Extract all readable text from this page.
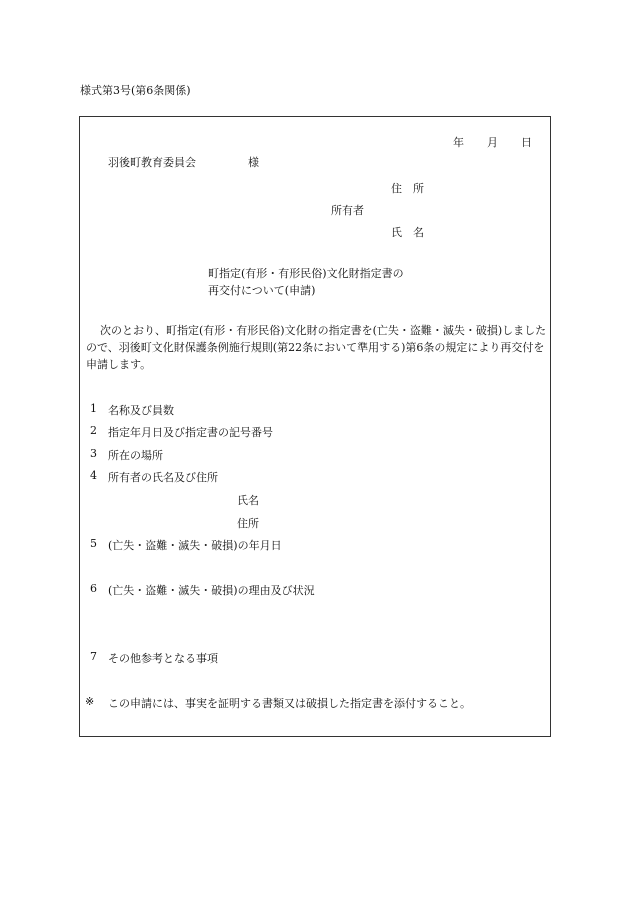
様式第3号(第6条関係)
年 月 日
羽後町教育委員会	様
住　所
所有者
氏　名
町指定(有形・有形民俗)文化財指定書の
再交付について(申請)
次のとおり、町指定(有形・有形民俗)文化財の指定書を(亡失・盗難・滅失・破損)しましたので、羽後町文化財保護条例施行規則(第22条において準用する)第6条の規定により再交付を申請します。
1 名称及び員数
2 指定年月日及び指定書の記号番号
3 所在の場所
4 所有者の氏名及び住所
氏名
住所
5 (亡失・盗難・滅失・破損)の年月日
6 (亡失・盗難・滅失・破損)の理由及び状況
7 その他参考となる事項
※ この申請には、事実を証明する書類又は破損した指定書を添付すること。
